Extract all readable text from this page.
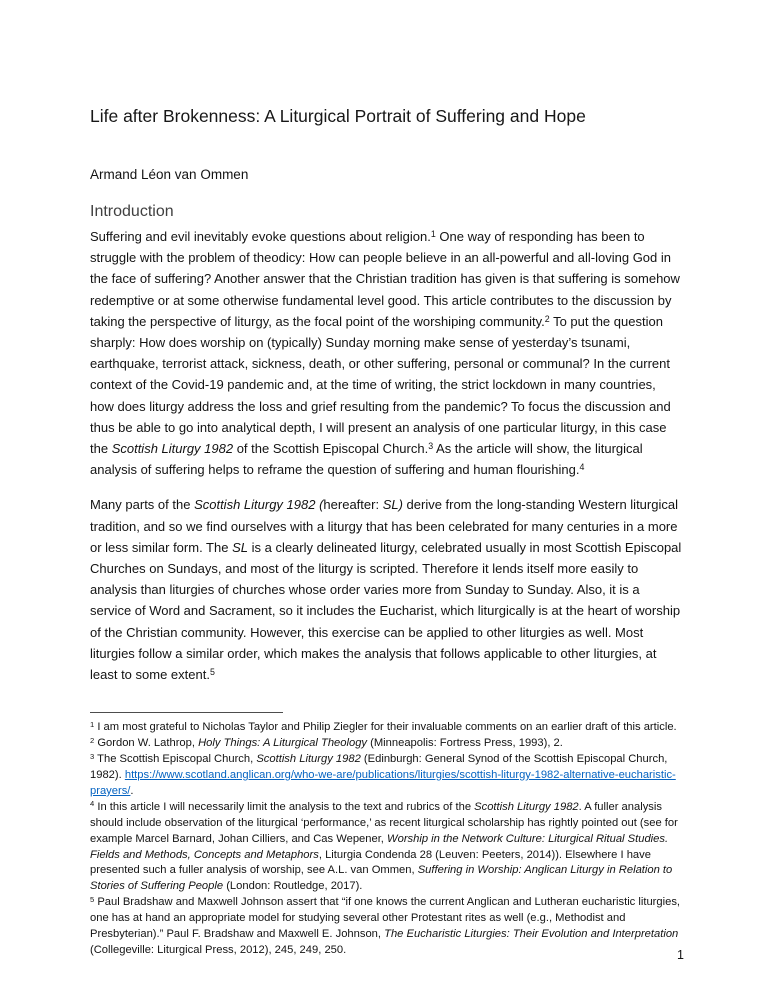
Life after Brokenness: A Liturgical Portrait of Suffering and Hope

Armand Léon van Ommen

Introduction

Suffering and evil inevitably evoke questions about religion.$^1$ One way of responding has been to struggle with the problem of theodicy: How can people believe in an all-powerful and all-loving God in the face of suffering? Another answer that the Christian tradition has given is that suffering is somehow redemptive or at some otherwise fundamental level good. This article contributes to the discussion by taking the perspective of liturgy, as the focal point of the worshiping community.$^2$ To put the question sharply: How does worship on (typically) Sunday morning make sense of yesterday’s tsunami, earthquake, terrorist attack, sickness, death, or other suffering, personal or communal? In the current context of the Covid-19 pandemic and, at the time of writing, the strict lockdown in many countries, how does liturgy address the loss and grief resulting from the pandemic? To focus the discussion and thus be able to go into analytical depth, I will present an analysis of one particular liturgy, in this case the Scottish Liturgy 1982 of the Scottish Episcopal Church.$^3$ As the article will show, the liturgical analysis of suffering helps to reframe the question of suffering and human flourishing.$^4$

Many parts of the Scottish Liturgy 1982 (hereafter: SL) derive from the long-standing Western liturgical tradition, and so we find ourselves with a liturgy that has been celebrated for many centuries in a more or less similar form. The SL is a clearly delineated liturgy, celebrated usually in most Scottish Episcopal Churches on Sundays, and most of the liturgy is scripted. Therefore it lends itself more easily to analysis than liturgies of churches whose order varies more from Sunday to Sunday. Also, it is a service of Word and Sacrament, so it includes the Eucharist, which liturgically is at the heart of worship of the Christian community. However, this exercise can be applied to other liturgies as well. Most liturgies follow a similar order, which makes the analysis that follows applicable to other liturgies, at least to some extent.$^5$

$^1$ I am most grateful to Nicholas Taylor and Philip Ziegler for their invaluable comments on an earlier draft of this article.

$^2$ Gordon W. Lathrop, Holy Things: A Liturgical Theology (Minneapolis: Fortress Press, 1993), 2.

$^3$ The Scottish Episcopal Church, Scottish Liturgy 1982 (Edinburgh: General Synod of the Scottish Episcopal Church, 1982). https://www.scotland.anglican.org/who-we-are/publications/liturgies/scottish-liturgy-1982-alternative-eucharistic-prayers/.

$^4$ In this article I will necessarily limit the analysis to the text and rubrics of the Scottish Liturgy 1982. A fuller analysis should include observation of the liturgical ‘performance,’ as recent liturgical scholarship has rightly pointed out (see for example Marcel Barnard, Johan Cilliers, and Cas Wepener, Worship in the Network Culture: Liturgical Ritual Studies. Fields and Methods, Concepts and Metaphors, Liturgia Condenda 28 (Leuven: Peeters, 2014)). Elsewhere I have presented such a fuller analysis of worship, see A.L. van Ommen, Suffering in Worship: Anglican Liturgy in Relation to Stories of Suffering People (London: Routledge, 2017).

$^5$ Paul Bradshaw and Maxwell Johnson assert that “if one knows the current Anglican and Lutheran eucharistic liturgies, one has at hand an appropriate model for studying several other Protestant rites as well (e.g., Methodist and Presbyterian).” Paul F. Bradshaw and Maxwell E. Johnson, The Eucharistic Liturgies: Their Evolution and Interpretation (Collegeville: Liturgical Press, 2012), 245, 249, 250.	1
